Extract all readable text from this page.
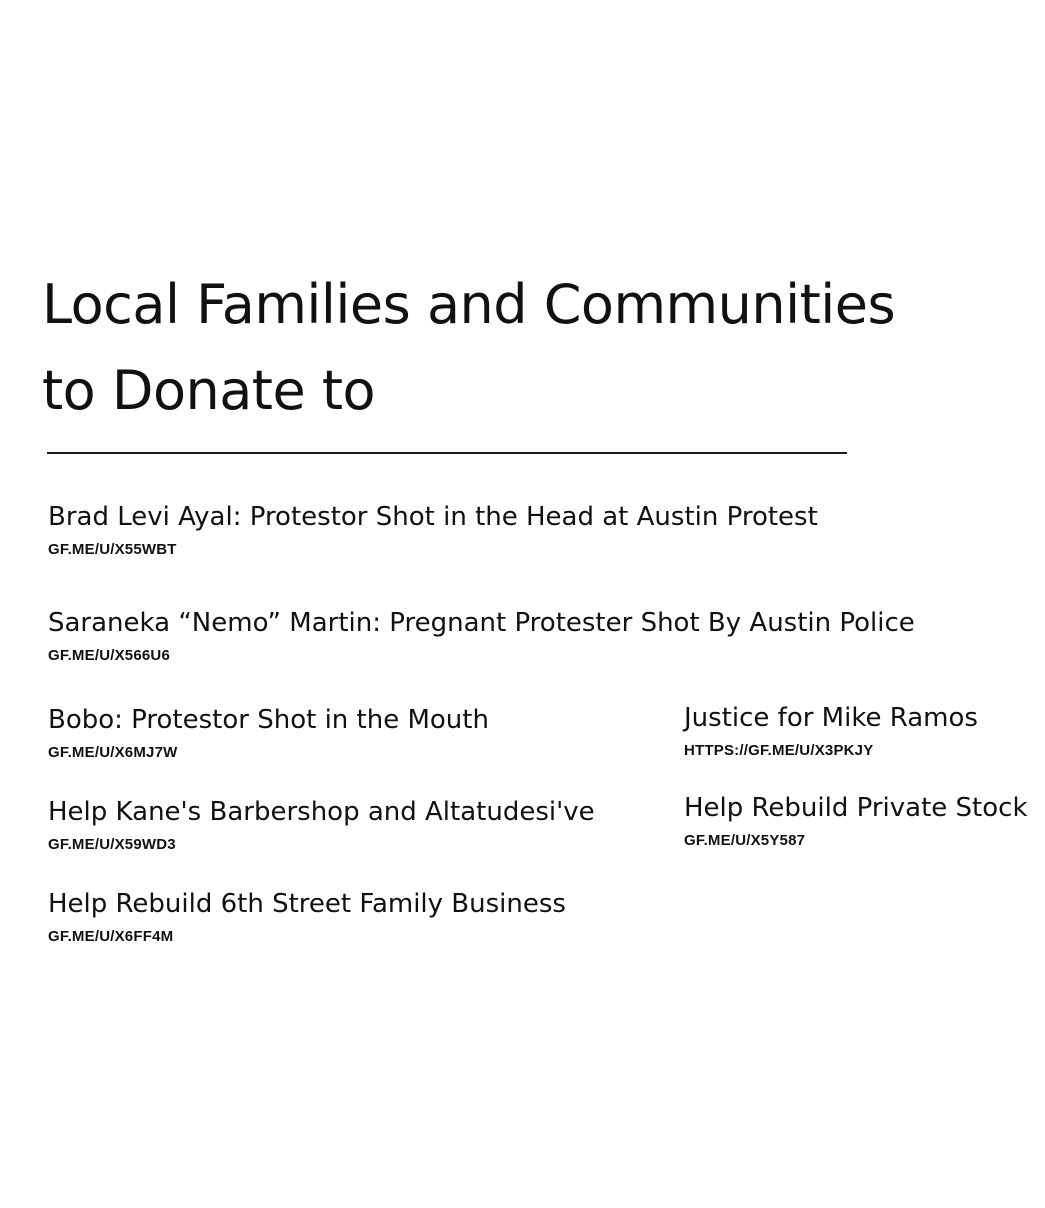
Local Families and Communities
to Donate to
Brad Levi Ayal: Protestor Shot in the Head at Austin Protest
GF.ME/U/X55WBT
Saraneka “Nemo” Martin: Pregnant Protester Shot By Austin Police
GF.ME/U/X566U6
Bobo: Protestor Shot in the Mouth
GF.ME/U/X6MJ7W
Help Kane's Barbershop and Altatudesi've
GF.ME/U/X59WD3
Help Rebuild 6th Street Family Business
GF.ME/U/X6FF4M
Justice for Mike Ramos
HTTPS://GF.ME/U/X3PKJY
Help Rebuild Private Stock
GF.ME/U/X5Y587
